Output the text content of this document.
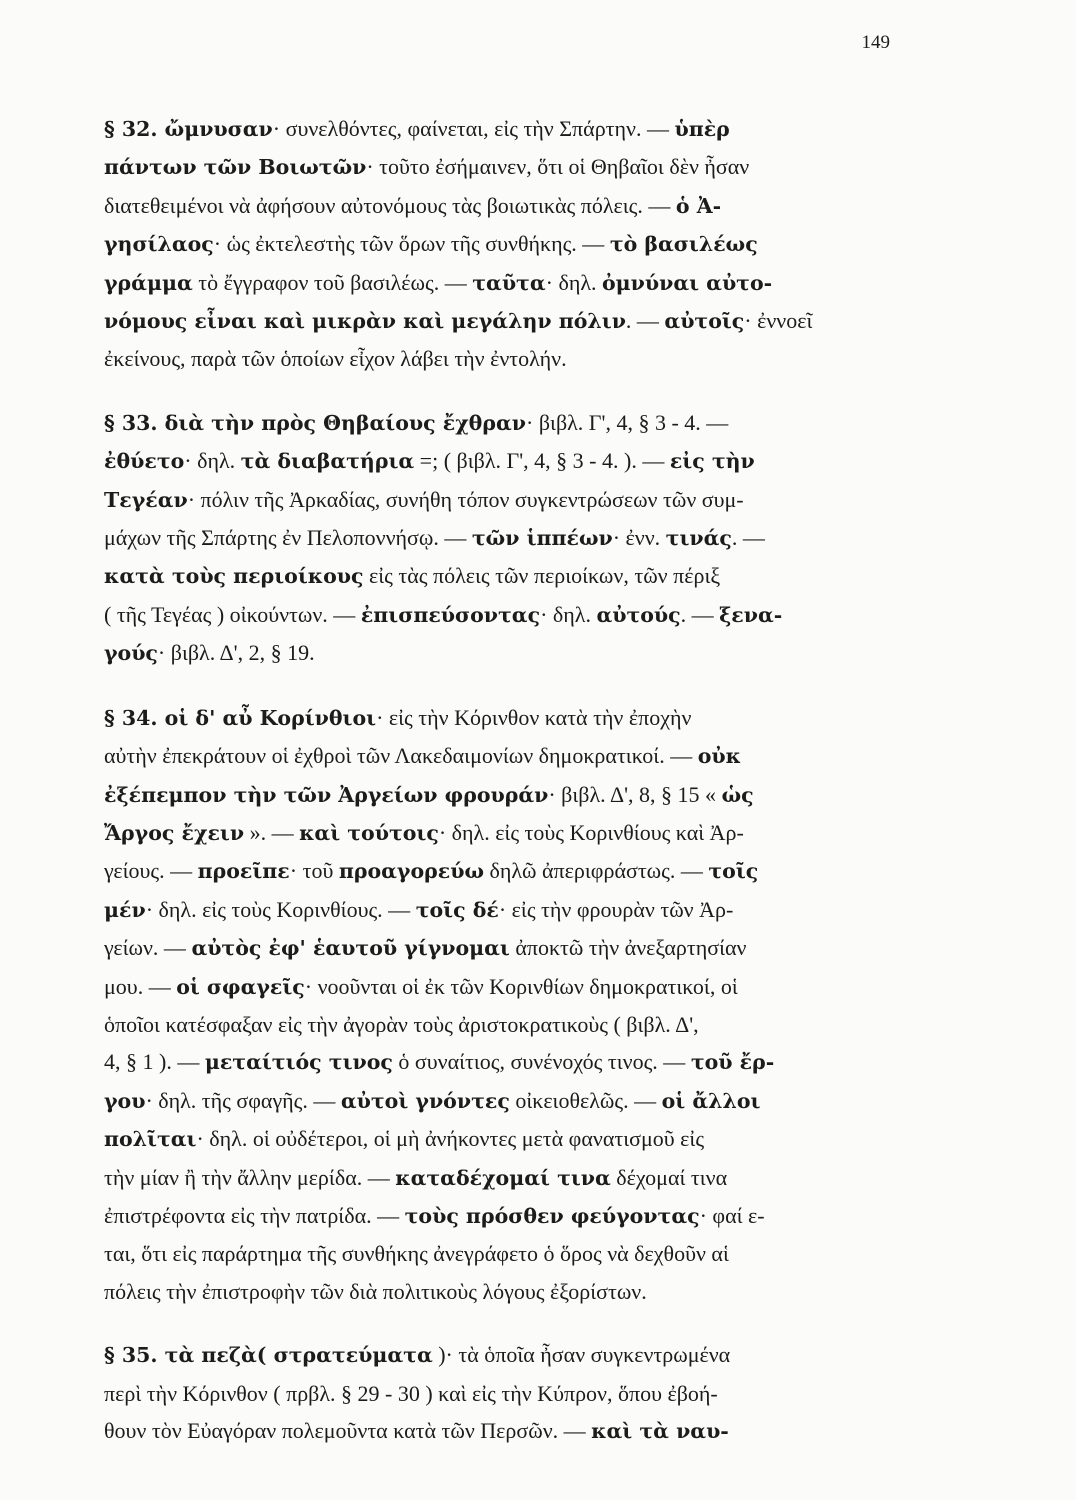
149
§ 32. ὤμνυσαν· συνελθόντες, φαίνεται, εἰς τὴν Σπάρτην. — ὑπὲρ
πάντων τῶν Βοιωτῶν· τοῦτο ἐσήμαινεν, ὅτι οἱ Θηβαῖοι δὲν ἦσαν
διατεθειμένοι νὰ ἀφήσουν αὐτονόμους τὰς βοιωτικὰς πόλεις. — ὁ Ἀ-
γησίλαος· ὡς ἐκτελεστὴς τῶν ὅρων τῆς συνθήκης. — τὸ βασιλέως
γράμμα τὸ ἔγγραφον τοῦ βασιλέως. — ταῦτα· δηλ. ὀμνύναι αὐτο-
νόμους εἶναι καὶ μικρὰν καὶ μεγάλην πόλιν. — αὐτοῖς· ἐννοεῖ
ἐκείνους, παρὰ τῶν ὁποίων εἶχον λάβει τὴν ἐντολήν.
§ 33. διὰ τὴν πρὸς Θηβαίους ἔχθραν· βιβλ. Γ', 4, § 3 - 4. —
ἐθύετο· δηλ. τὰ διαβατήρια =; ( βιβλ. Γ', 4, § 3 - 4. ). — εἰς τὴν
Τεγέαν· πόλιν τῆς Ἀρκαδίας, συνήθη τόπον συγκεντρώσεων τῶν συμ-
μάχων τῆς Σπάρτης ἐν Πελοποννήσῳ. — τῶν ἱππέων· ἐνν. τινάς. —
κατὰ τοὺς περιοίκους εἰς τὰς πόλεις τῶν περιοίκων, τῶν πέριξ
( τῆς Τεγέας ) οἰκούντων. — ἐπισπεύσοντας· δηλ. αὐτούς. — ξενα-
γούς· βιβλ. Δ', 2, § 19.
§ 34. οἱ δ' αὖ Κορίνθιοι· εἰς τὴν Κόρινθον κατὰ τὴν ἐποχὴν
αὐτὴν ἐπεκράτουν οἱ ἐχθροὶ τῶν Λακεδαιμονίων δημοκρατικοί. — οὐκ
ἐξέπεμπον τὴν τῶν Ἀργείων φρουράν· βιβλ. Δ', 8, § 15 « ὡς
Ἄργος ἔχειν ». — καὶ τούτοις· δηλ. εἰς τοὺς Κορινθίους καὶ Ἀρ-
γείους. — προεῖπε· τοῦ προαγορεύω δηλῶ ἀπεριφράστως. — τοῖς
μέν· δηλ. εἰς τοὺς Κορινθίους. — τοῖς δέ· εἰς τὴν φρουρὰν τῶν Ἀρ-
γείων. — αὐτὸς ἐφ' ἑαυτοῦ γίγνομαι ἀποκτῶ τὴν ἀνεξαρτησίαν
μου. — οἱ σφαγεῖς· νοοῦνται οἱ ἐκ τῶν Κορινθίων δημοκρατικοί, οἱ
ὁποῖοι κατέσφαξαν εἰς τὴν ἀγορὰν τοὺς ἀριστοκρατικοὺς ( βιβλ. Δ',
4, § 1 ). — μεταίτιός τινος ὁ συναίτιος, συνένοχός τινος. — τοῦ ἔρ-
γου· δηλ. τῆς σφαγῆς. — αὐτοὶ γνόντες οἰκειοθελῶς. — οἱ ἄλλοι
πολῖται· δηλ. οἱ οὐδέτεροι, οἱ μὴ ἀνήκοντες μετὰ φανατισμοῦ εἰς
τὴν μίαν ἢ τὴν ἄλλην μερίδα. — καταδέχομαί τινα δέχομαί τινα
ἐπιστρέφοντα εἰς τὴν πατρίδα. — τοὺς πρόσθεν φεύγοντας· φαί ε-
ται, ὅτι εἰς παράρτημα τῆς συνθήκης ἀνεγράφετο ὁ ὅρος νὰ δεχθοῦν αἱ
πόλεις τὴν ἐπιστροφὴν τῶν διὰ πολιτικοὺς λόγους ἐξορίστων.
§ 35. τὰ πεζὰ( στρατεύματα )· τὰ ὁποῖα ἦσαν συγκεντρωμένα
περὶ τὴν Κόρινθον ( πρβλ. § 29 - 30 ) καὶ εἰς τὴν Κύπρον, ὅπου ἐβοή-
θουν τὸν Εὐαγόραν πολεμοῦντα κατὰ τῶν Περσῶν. — καὶ τὰ ναυ-
